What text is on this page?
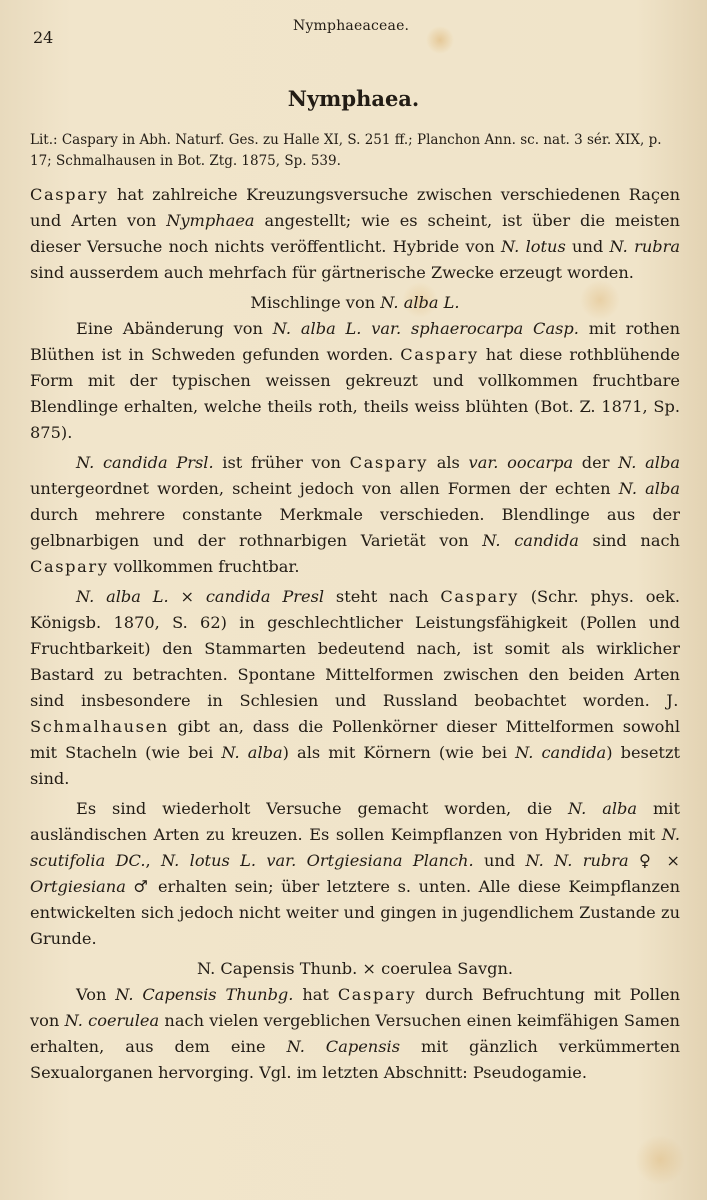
24
Nymphaeaceae.
Nymphaea.
Lit.: Caspary in Abh. Naturf. Ges. zu Halle XI, S. 251 ff.; Planchon Ann. sc. nat. 3 sér. XIX, p. 17; Schmalhausen in Bot. Ztg. 1875, Sp. 539.

Caspary hat zahlreiche Kreuzungsversuche zwischen verschiedenen Raçen und Arten von Nymphaea angestellt; wie es scheint, ist über die meisten dieser Versuche noch nichts veröffentlicht. Hybride von N. lotus und N. rubra sind ausserdem auch mehrfach für gärtnerische Zwecke erzeugt worden.

Mischlinge von N. alba L.

Eine Abänderung von N. alba L. var. sphaerocarpa Casp. mit rothen Blüthen ist in Schweden gefunden worden. Caspary hat diese rothblühende Form mit der typischen weissen gekreuzt und vollkommen fruchtbare Blendlinge erhalten, welche theils roth, theils weiss blühten (Bot. Z. 1871, Sp. 875).

N. candida Prsl. ist früher von Caspary als var. oocarpa der N. alba untergeordnet worden, scheint jedoch von allen Formen der echten N. alba durch mehrere constante Merkmale verschieden. Blendlinge aus der gelbnarbigen und der rothnarbigen Varietät von N. candida sind nach Caspary vollkommen fruchtbar.

N. alba L. × candida Presl steht nach Caspary (Schr. phys. oek. Königsb. 1870, S. 62) in geschlechtlicher Leistungsfähigkeit (Pollen und Fruchtbarkeit) den Stammarten bedeutend nach, ist somit als wirklicher Bastard zu betrachten. Spontane Mittelformen zwischen den beiden Arten sind insbesondere in Schlesien und Russland beobachtet worden. J. Schmalhausen gibt an, dass die Pollenkörner dieser Mittelformen sowohl mit Stacheln (wie bei N. alba) als mit Körnern (wie bei N. candida) besetzt sind.

Es sind wiederholt Versuche gemacht worden, die N. alba mit ausländischen Arten zu kreuzen. Es sollen Keimpflanzen von Hybriden mit N. scutifolia DC., N. lotus L. var. Ortgiesiana Planch. und N. N. rubra ♀ × Ortgiesiana ♂ erhalten sein; über letztere s. unten. Alle diese Keimpflanzen entwickelten sich jedoch nicht weiter und gingen in jugendlichem Zustande zu Grunde.

N. Capensis Thunb. × coerulea Savgn.

Von N. Capensis Thunbg. hat Caspary durch Befruchtung mit Pollen von N. coerulea nach vielen vergeblichen Versuchen einen keimfähigen Samen erhalten, aus dem eine N. Capensis mit gänzlich verkümmerten Sexualorganen hervorging. Vgl. im letzten Abschnitt: Pseudogamie.
